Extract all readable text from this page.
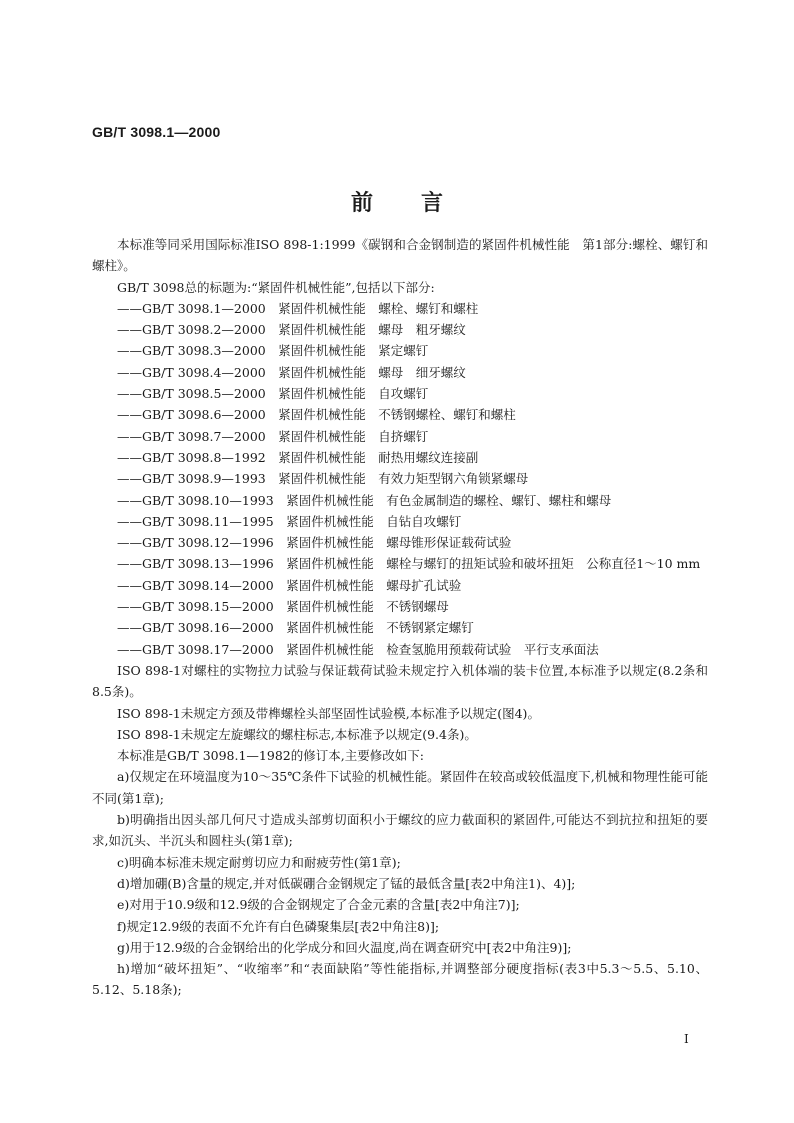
GB/T 3098.1—2000
前言

本标准等同采用国际标准ISO 898-1:1999《碳钢和合金钢制造的紧固件机械性能　第1部分:螺栓、螺钉和螺柱》。

GB/T 3098总的标题为:“紧固件机械性能”,包括以下部分:

——GB/T 3098.1—2000　紧固件机械性能　螺栓、螺钉和螺柱
——GB/T 3098.2—2000　紧固件机械性能　螺母　粗牙螺纹
——GB/T 3098.3—2000　紧固件机械性能　紧定螺钉
——GB/T 3098.4—2000　紧固件机械性能　螺母　细牙螺纹
——GB/T 3098.5—2000　紧固件机械性能　自攻螺钉
——GB/T 3098.6—2000　紧固件机械性能　不锈钢螺栓、螺钉和螺柱
——GB/T 3098.7—2000　紧固件机械性能　自挤螺钉
——GB/T 3098.8—1992　紧固件机械性能　耐热用螺纹连接副
——GB/T 3098.9—1993　紧固件机械性能　有效力矩型钢六角锁紧螺母
——GB/T 3098.10—1993　紧固件机械性能　有色金属制造的螺栓、螺钉、螺柱和螺母
——GB/T 3098.11—1995　紧固件机械性能　自钻自攻螺钉
——GB/T 3098.12—1996　紧固件机械性能　螺母锥形保证载荷试验
——GB/T 3098.13—1996　紧固件机械性能　螺栓与螺钉的扭矩试验和破坏扭矩　公称直径1～10 mm
——GB/T 3098.14—2000　紧固件机械性能　螺母扩孔试验
——GB/T 3098.15—2000　紧固件机械性能　不锈钢螺母
——GB/T 3098.16—2000　紧固件机械性能　不锈钢紧定螺钉
——GB/T 3098.17—2000　紧固件机械性能　检查氢脆用预载荷试验　平行支承面法

ISO 898-1对螺柱的实物拉力试验与保证载荷试验未规定拧入机体端的装卡位置,本标准予以规定(8.2条和8.5条)。

ISO 898-1未规定方颈及带榫螺栓头部坚固性试验模,本标准予以规定(图4)。

ISO 898-1未规定左旋螺纹的螺柱标志,本标准予以规定(9.4条)。

本标准是GB/T 3098.1—1982的修订本,主要修改如下:

a)仅规定在环境温度为10～35℃条件下试验的机械性能。紧固件在较高或较低温度下,机械和物理性能可能不同(第1章);

b)明确指出因头部几何尺寸造成头部剪切面积小于螺纹的应力截面积的紧固件,可能达不到抗拉和扭矩的要求,如沉头、半沉头和圆柱头(第1章);

c)明确本标准未规定耐剪切应力和耐疲劳性(第1章);

d)增加硼(B)含量的规定,并对低碳硼合金钢规定了锰的最低含量[表2中角注1)、4)];

e)对用于10.9级和12.9级的合金钢规定了合金元素的含量[表2中角注7)];

f)规定12.9级的表面不允许有白色磷聚集层[表2中角注8)];

g)用于12.9级的合金钢给出的化学成分和回火温度,尚在调查研究中[表2中角注9)];

h)增加“破坏扭矩”、“收缩率”和“表面缺陷”等性能指标,并调整部分硬度指标(表3中5.3～5.5、5.10、5.12、5.18条);

I
